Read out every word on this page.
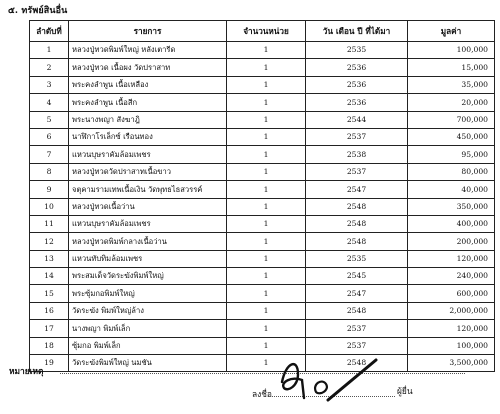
๕. ทรัพย์สินอื่น
ลำดับที่	รายการ	จำนวนหน่วย	วัน เดือน ปี ที่ได้มา	มูลค่า
1	หลวงปู่ทวดพิมพ์ใหญ่ หลังเตารีด	1	2535	100,000
2	หลวงปู่ทวด เนื้อผง วัดปราสาท	1	2536	15,000
3	พระคงลำพูน เนื้อเหลือง	1	2536	35,000
4	พระคงลำพูน เนื้อสีก	1	2536	20,000
5	พระนางพญา สังฆาฎิ	1	2544	700,000
6	นาฬิกาโรเล็กซ์ เรือนทอง	1	2537	450,000
7	แหวนบุษราคัมล้อมเพชร	1	2538	95,000
8	หลวงปู่ทวดวัดปราสาทเนื้อขาว	1	2537	80,000
9	จตุคามรามเทพเนื้อเงิน วัดพุทธไธสวรรค์	1	2547	40,000
10	หลวงปู่ทวดเนื้อว่าน	1	2548	350,000
11	แหวนบุษราคัมล้อมเพชร	1	2548	400,000
12	หลวงปู่ทวดพิมพ์กลางเนื้อว่าน	1	2548	200,000
13	แหวนทับทิมล้อมเพชร	1	2535	120,000
14	พระสมเด็จวัดระฆังพิมพ์ใหญ่	1	2545	240,000
15	พระซุ้มกอพิมพ์ใหญ่	1	2547	600,000
16	วัดระฆัง พิมพ์ใหญ่ล้าง	1	2548	2,000,000
17	นางพญา พิมพ์เล็ก	1	2537	120,000
18	ซุ้มกอ พิมพ์เล็ก	1	2537	100,000
19	วัดระฆังพิมพ์ใหญ่ นมชัน	1	2548	3,500,000
หมายเหตุ
ลงชื่อ	ผู้ยื่น
